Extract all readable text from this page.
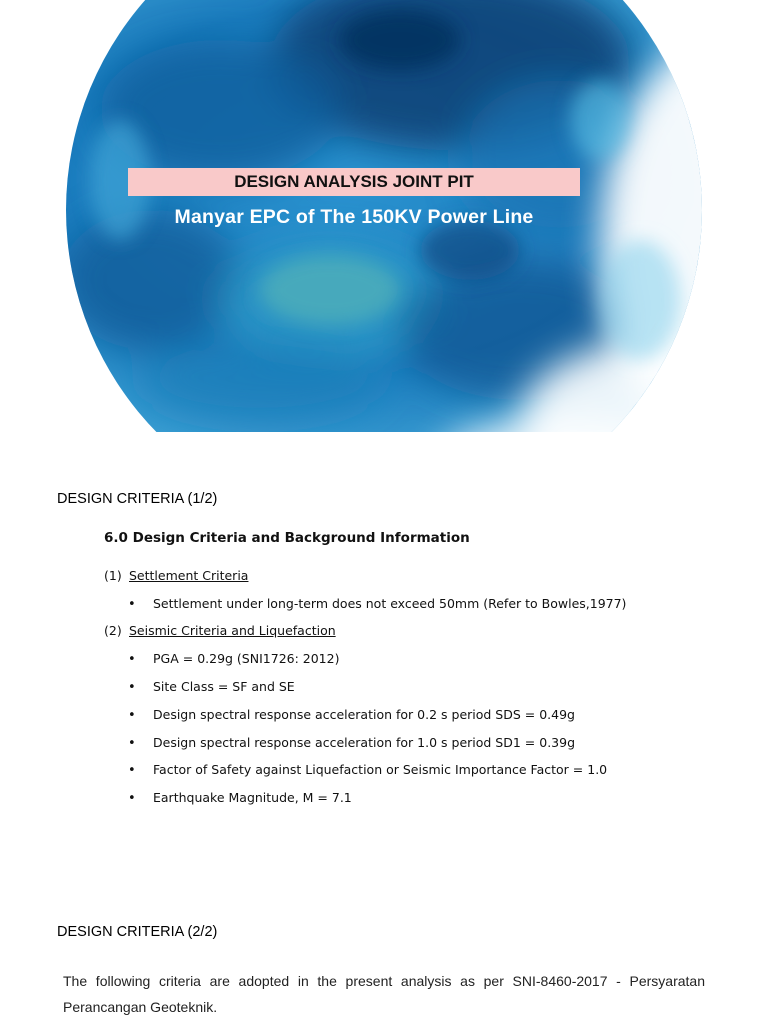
DESIGN ANALYSIS JOINT PIT
Manyar EPC of The 150KV Power Line
DESIGN CRITERIA (1/2)
6.0 Design Criteria and Background Information
(1) Settlement Criteria
• Settlement under long-term does not exceed 50mm (Refer to Bowles,1977)
(2) Seismic Criteria and Liquefaction
• PGA = 0.29g (SNI1726: 2012)
• Site Class = SF and SE
• Design spectral response acceleration for 0.2 s period SDS = 0.49g
• Design spectral response acceleration for 1.0 s period SD1 = 0.39g
• Factor of Safety against Liquefaction or Seismic Importance Factor = 1.0
• Earthquake Magnitude, M = 7.1
DESIGN CRITERIA (2/2)
The following criteria are adopted in the present analysis as per SNI-8460-2017 - Persyaratan Perancangan Geoteknik.
